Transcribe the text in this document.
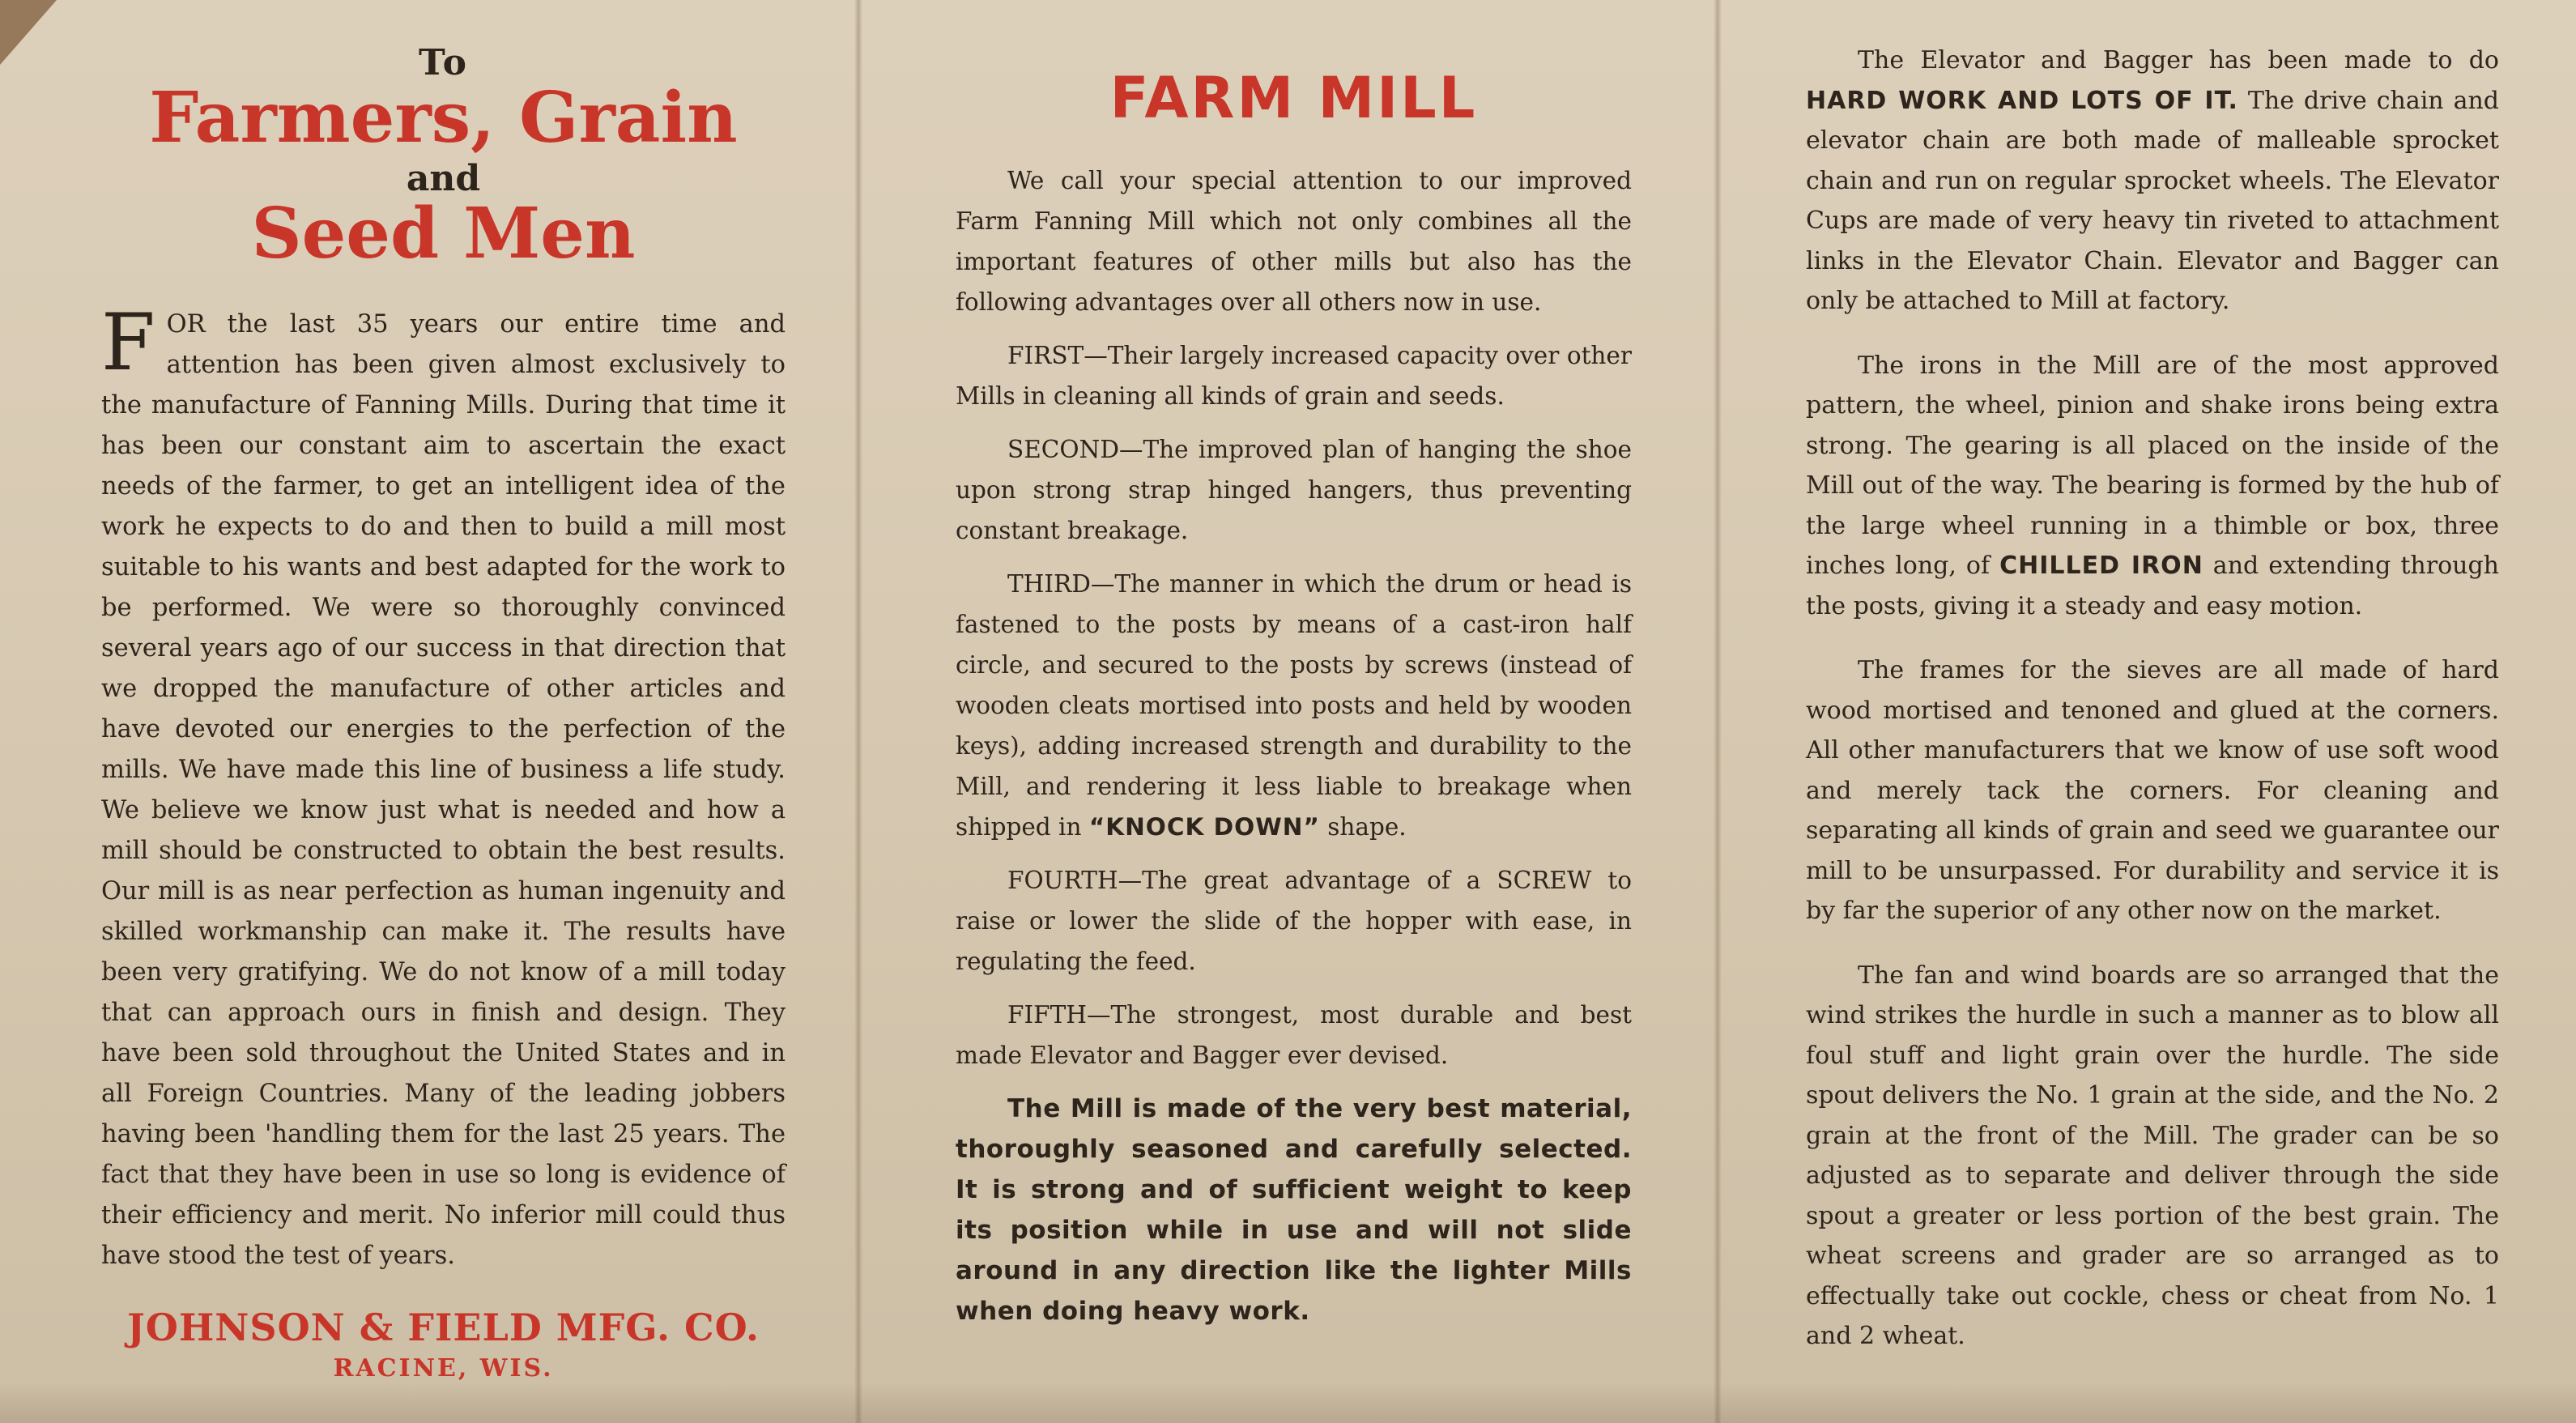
To
Farmers, Grain
and
Seed Men
F OR the last 35 years our entire time and attention has been given almost exclusively to the manufacture of Fanning Mills. During that time it has been our constant aim to ascertain the exact needs of the farmer, to get an intelligent idea of the work he expects to do and then to build a mill most suitable to his wants and best adapted for the work to be performed. We were so thoroughly convinced several years ago of our success in that direction that we dropped the manufacture of other articles and have devoted our energies to the perfection of the mills. We have made this line of business a life study. We believe we know just what is needed and how a mill should be constructed to obtain the best results. Our mill is as near perfection as human ingenuity and skilled workmanship can make it. The results have been very gratifying. We do not know of a mill today that can approach ours in finish and design. They have been sold throughout the United States and in all Foreign Countries. Many of the leading jobbers having been 'handling them for the last 25 years. The fact that they have been in use so long is evidence of their efficiency and merit. No inferior mill could thus have stood the test of years.

JOHNSON & FIELD MFG. CO.
RACINE, WIS.
FARM MILL

We call your special attention to our improved Farm Fanning Mill which not only combines all the important features of other mills but also has the following advantages over all others now in use.

FIRST—Their largely increased capacity over other Mills in cleaning all kinds of grain and seeds.

SECOND—The improved plan of hanging the shoe upon strong strap hinged hangers, thus preventing constant breakage.

THIRD—The manner in which the drum or head is fastened to the posts by means of a cast-iron half circle, and secured to the posts by screws (instead of wooden cleats mortised into posts and held by wooden keys), adding increased strength and durability to the Mill, and rendering it less liable to breakage when shipped in “KNOCK DOWN” shape.

FOURTH—The great advantage of a SCREW to raise or lower the slide of the hopper with ease, in regulating the feed.

FIFTH—The strongest, most durable and best made Elevator and Bagger ever devised.

The Mill is made of the very best material, thoroughly seasoned and carefully selected. It is strong and of sufficient weight to keep its position while in use and will not slide around in any direction like the lighter Mills when doing heavy work.

The Elevator and Bagger has been made to do HARD WORK AND LOTS OF IT. The drive chain and elevator chain are both made of malleable sprocket chain and run on regular sprocket wheels. The Elevator Cups are made of very heavy tin riveted to attachment links in the Elevator Chain. Elevator and Bagger can only be attached to Mill at factory.

The irons in the Mill are of the most approved pattern, the wheel, pinion and shake irons being extra strong. The gearing is all placed on the inside of the Mill out of the way. The bearing is formed by the hub of the large wheel running in a thimble or box, three inches long, of CHILLED IRON and extending through the posts, giving it a steady and easy motion.

The frames for the sieves are all made of hard wood mortised and tenoned and glued at the corners. All other manufacturers that we know of use soft wood and merely tack the corners. For cleaning and separating all kinds of grain and seed we guarantee our mill to be unsurpassed. For durability and service it is by far the superior of any other now on the market.

The fan and wind boards are so arranged that the wind strikes the hurdle in such a manner as to blow all foul stuff and light grain over the hurdle. The side spout delivers the No. 1 grain at the side, and the No. 2 grain at the front of the Mill. The grader can be so adjusted as to separate and deliver through the side spout a greater or less portion of the best grain. The wheat screens and grader are so arranged as to effectually take out cockle, chess or cheat from No. 1 and 2 wheat.
